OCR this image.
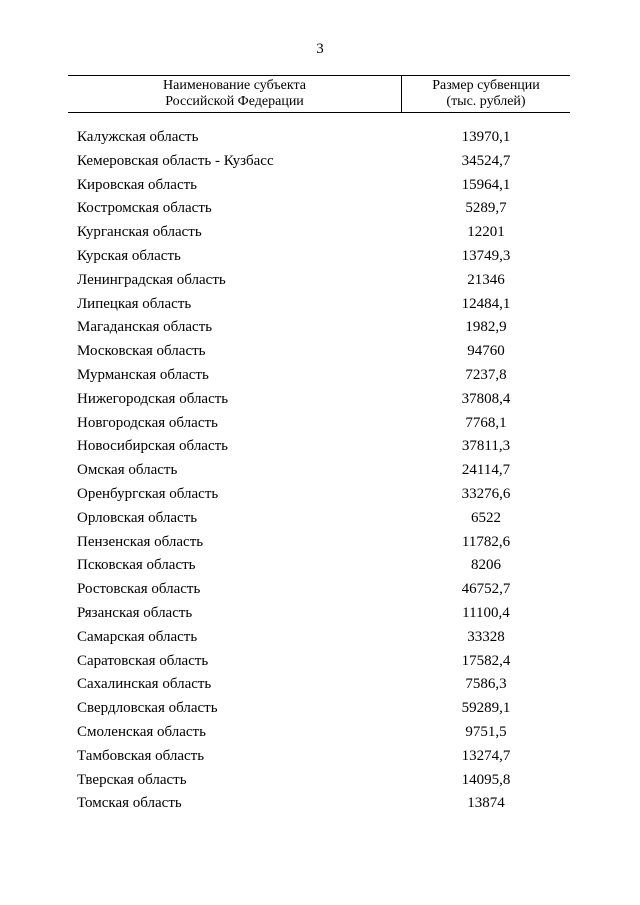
3
Наименование субъекта
Российской Федерации
Размер субвенции
(тыс. рублей)
Калужская область	13970,1
Кемеровская область - Кузбасс	34524,7
Кировская область	15964,1
Костромская область	5289,7
Курганская область	12201
Курская область	13749,3
Ленинградская область	21346
Липецкая область	12484,1
Магаданская область	1982,9
Московская область	94760
Мурманская область	7237,8
Нижегородская область	37808,4
Новгородская область	7768,1
Новосибирская область	37811,3
Омская область	24114,7
Оренбургская область	33276,6
Орловская область	6522
Пензенская область	11782,6
Псковская область	8206
Ростовская область	46752,7
Рязанская область	11100,4
Самарская область	33328
Саратовская область	17582,4
Сахалинская область	7586,3
Свердловская область	59289,1
Смоленская область	9751,5
Тамбовская область	13274,7
Тверская область	14095,8
Томская область	13874
